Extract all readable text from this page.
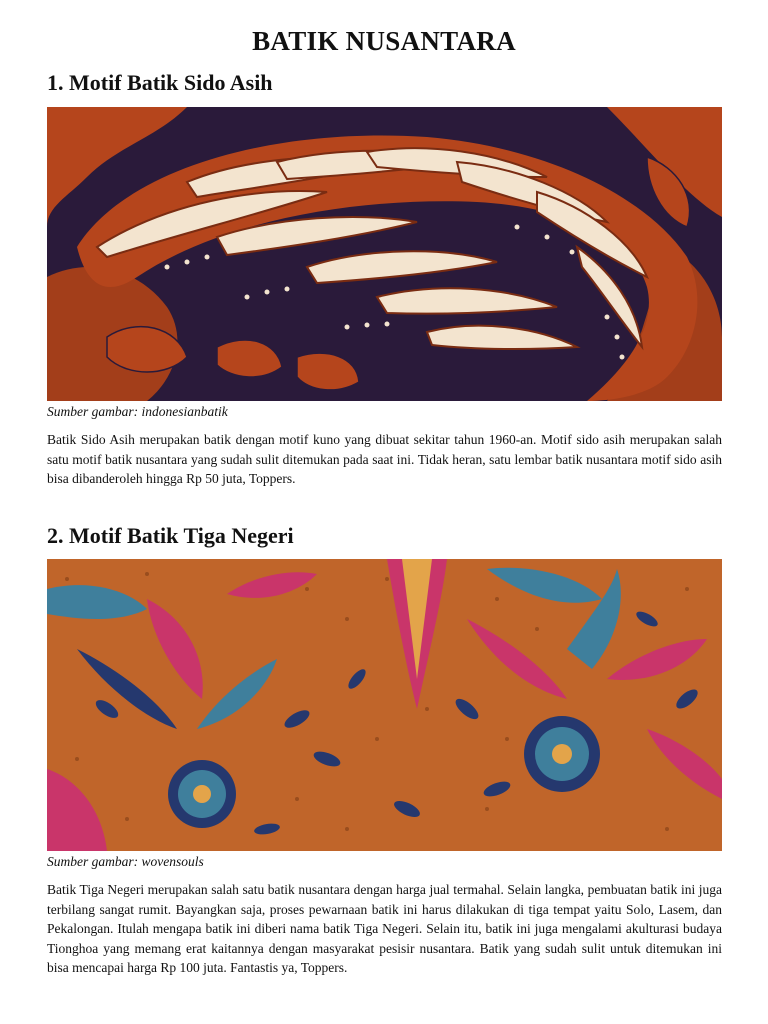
BATIK NUSANTARA
1. Motif Batik Sido Asih

Sumber gambar: indonesianbatik

Batik Sido Asih merupakan batik dengan motif kuno yang dibuat sekitar tahun 1960-an. Motif sido asih merupakan salah satu motif batik nusantara yang sudah sulit ditemukan pada saat ini. Tidak heran, satu lembar batik nusantara motif sido asih bisa dibanderoleh hingga Rp 50 juta, Toppers.

2. Motif Batik Tiga Negeri

Sumber gambar: wovensouls

Batik Tiga Negeri merupakan salah satu batik nusantara dengan harga jual termahal. Selain langka, pembuatan batik ini juga terbilang sangat rumit. Bayangkan saja, proses pewarnaan batik ini harus dilakukan di tiga tempat yaitu Solo, Lasem, dan Pekalongan. Itulah mengapa batik ini diberi nama batik Tiga Negeri. Selain itu, batik ini juga mengalami akulturasi budaya Tionghoa yang memang erat kaitannya dengan masyarakat pesisir nusantara. Batik yang sudah sulit untuk ditemukan ini bisa mencapai harga Rp 100 juta. Fantastis ya, Toppers.
